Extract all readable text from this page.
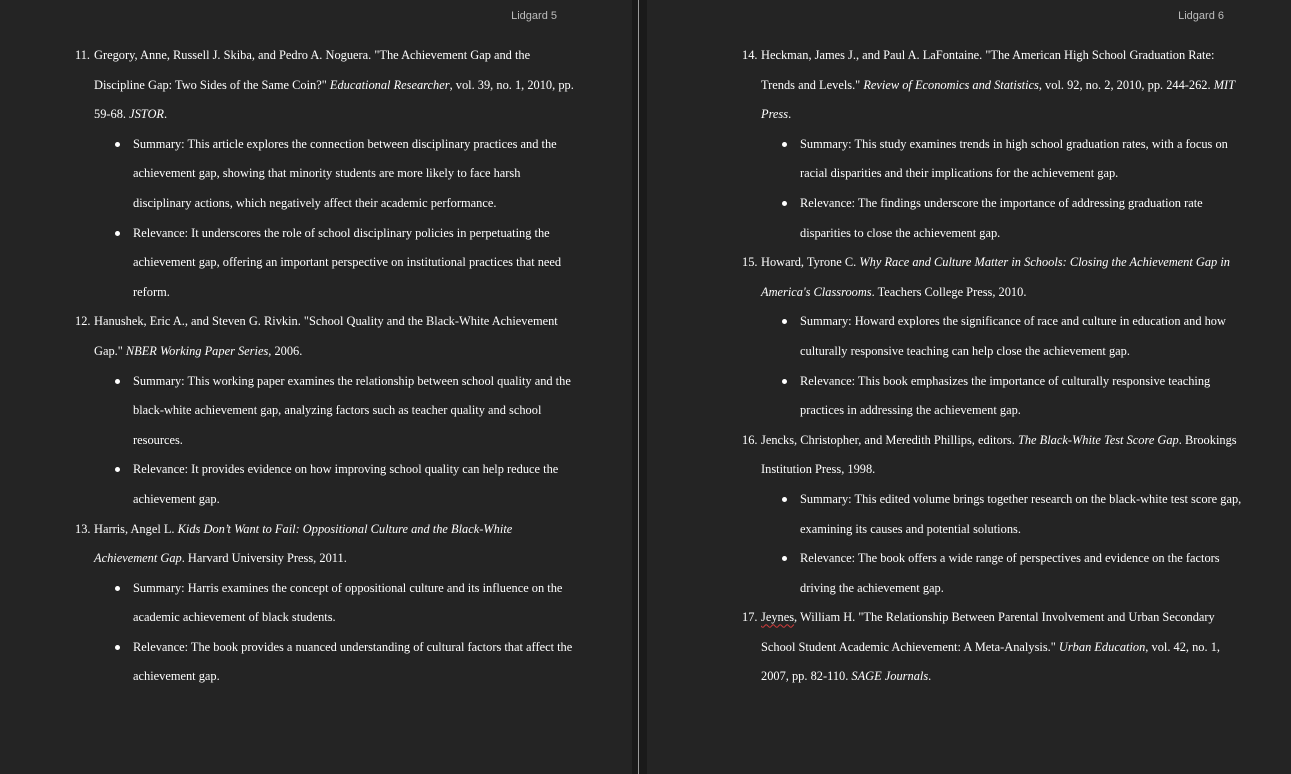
Lidgard 5
11. Gregory, Anne, Russell J. Skiba, and Pedro A. Noguera. "The Achievement Gap and the Discipline Gap: Two Sides of the Same Coin?" Educational Researcher, vol. 39, no. 1, 2010, pp. 59-68. JSTOR.
Summary: This article explores the connection between disciplinary practices and the achievement gap, showing that minority students are more likely to face harsh disciplinary actions, which negatively affect their academic performance.
Relevance: It underscores the role of school disciplinary policies in perpetuating the achievement gap, offering an important perspective on institutional practices that need reform.
12. Hanushek, Eric A., and Steven G. Rivkin. "School Quality and the Black-White Achievement Gap." NBER Working Paper Series, 2006.
Summary: This working paper examines the relationship between school quality and the black-white achievement gap, analyzing factors such as teacher quality and school resources.
Relevance: It provides evidence on how improving school quality can help reduce the achievement gap.
13. Harris, Angel L. Kids Don’t Want to Fail: Oppositional Culture and the Black-White Achievement Gap. Harvard University Press, 2011.
Summary: Harris examines the concept of oppositional culture and its influence on the academic achievement of black students.
Relevance: The book provides a nuanced understanding of cultural factors that affect the achievement gap.
Lidgard 6
14. Heckman, James J., and Paul A. LaFontaine. "The American High School Graduation Rate: Trends and Levels." Review of Economics and Statistics, vol. 92, no. 2, 2010, pp. 244-262. MIT Press.
Summary: This study examines trends in high school graduation rates, with a focus on racial disparities and their implications for the achievement gap.
Relevance: The findings underscore the importance of addressing graduation rate disparities to close the achievement gap.
15. Howard, Tyrone C. Why Race and Culture Matter in Schools: Closing the Achievement Gap in America's Classrooms. Teachers College Press, 2010.
Summary: Howard explores the significance of race and culture in education and how culturally responsive teaching can help close the achievement gap.
Relevance: This book emphasizes the importance of culturally responsive teaching practices in addressing the achievement gap.
16. Jencks, Christopher, and Meredith Phillips, editors. The Black-White Test Score Gap. Brookings Institution Press, 1998.
Summary: This edited volume brings together research on the black-white test score gap, examining its causes and potential solutions.
Relevance: The book offers a wide range of perspectives and evidence on the factors driving the achievement gap.
17. Jeynes, William H. "The Relationship Between Parental Involvement and Urban Secondary School Student Academic Achievement: A Meta-Analysis." Urban Education, vol. 42, no. 1, 2007, pp. 82-110. SAGE Journals.
